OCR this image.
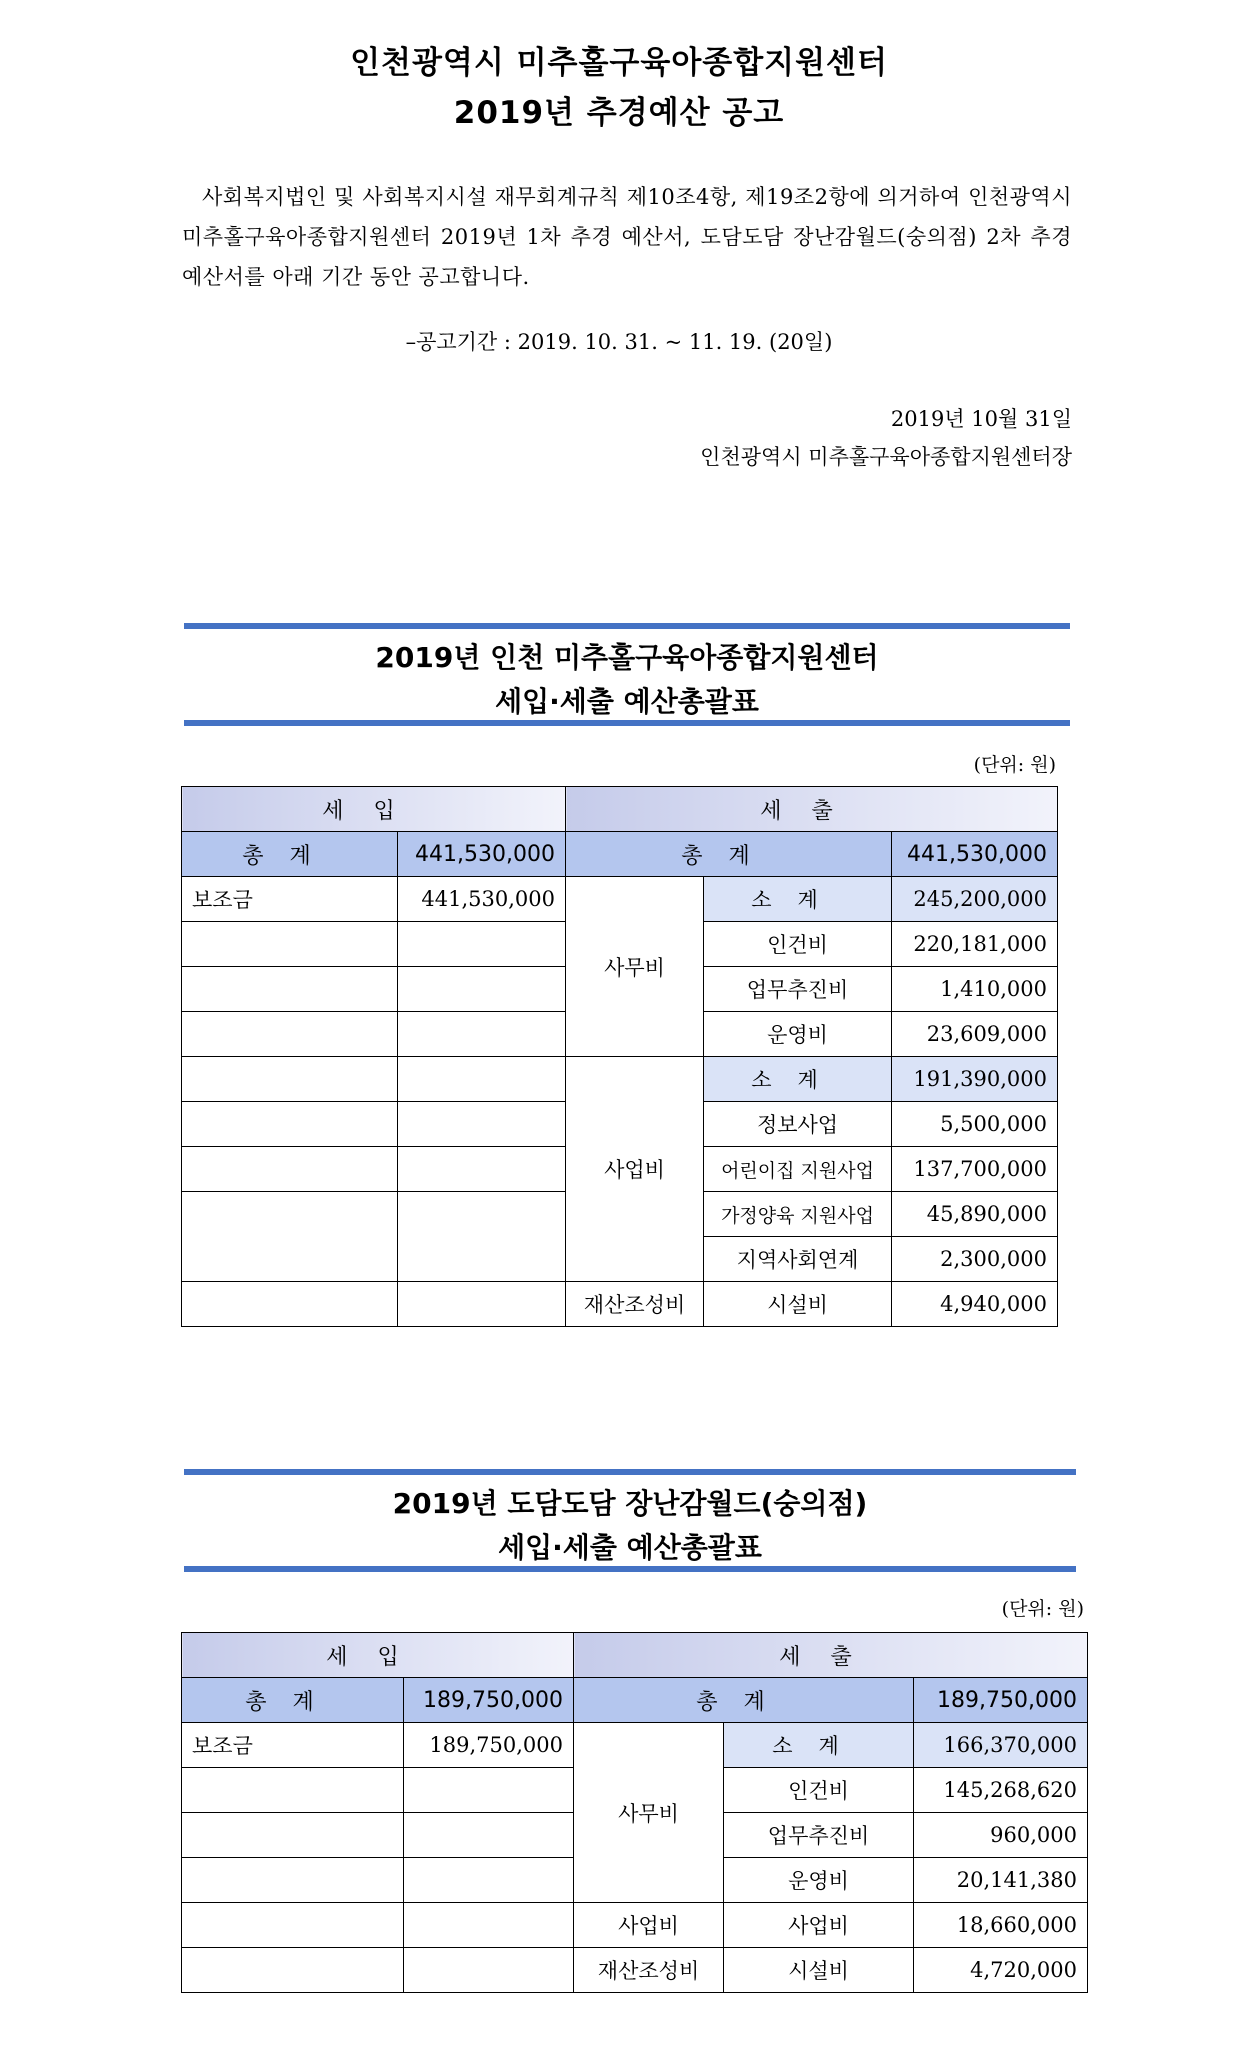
인천광역시 미추홀구육아종합지원센터
2019년 추경예산 공고

사회복지법인 및 사회복지시설 재무회계규칙 제10조4항, 제19조2항에 의거하여 인천광역시 미추홀구육아종합지원센터 2019년 1차 추경 예산서, 도담도담 장난감월드(숭의점) 2차 추경예산서를 아래 기간 동안 공고합니다.

–공고기간 : 2019. 10. 31. ~ 11. 19. (20일)
2019년 10월 31일
인천광역시 미추홀구육아종합지원센터장
2019년 인천 미추홀구육아종합지원센터
세입·세출 예산총괄표
(단위: 원)
세입		세출		
총계	441,530,000	총계		441,530,000
보조금	441,530,000	사무비	소계	245,200,000
			인건비	220,181,000
			업무추진비	1,410,000
			운영비	23,609,000
		사업비	소계	191,390,000
			정보사업	5,500,000
			어린이집 지원사업	137,700,000
			가정양육 지원사업	45,890,000
			지역사회연계	2,300,000
		재산조성비	시설비	4,940,000
2019년 도담도담 장난감월드(숭의점)
세입·세출 예산총괄표
(단위: 원)
세입		세출		
총계	189,750,000	총계		189,750,000
보조금	189,750,000	사무비	소계	166,370,000
			인건비	145,268,620
			업무추진비	960,000
			운영비	20,141,380
		사업비	사업비	18,660,000
		재산조성비	시설비	4,720,000
